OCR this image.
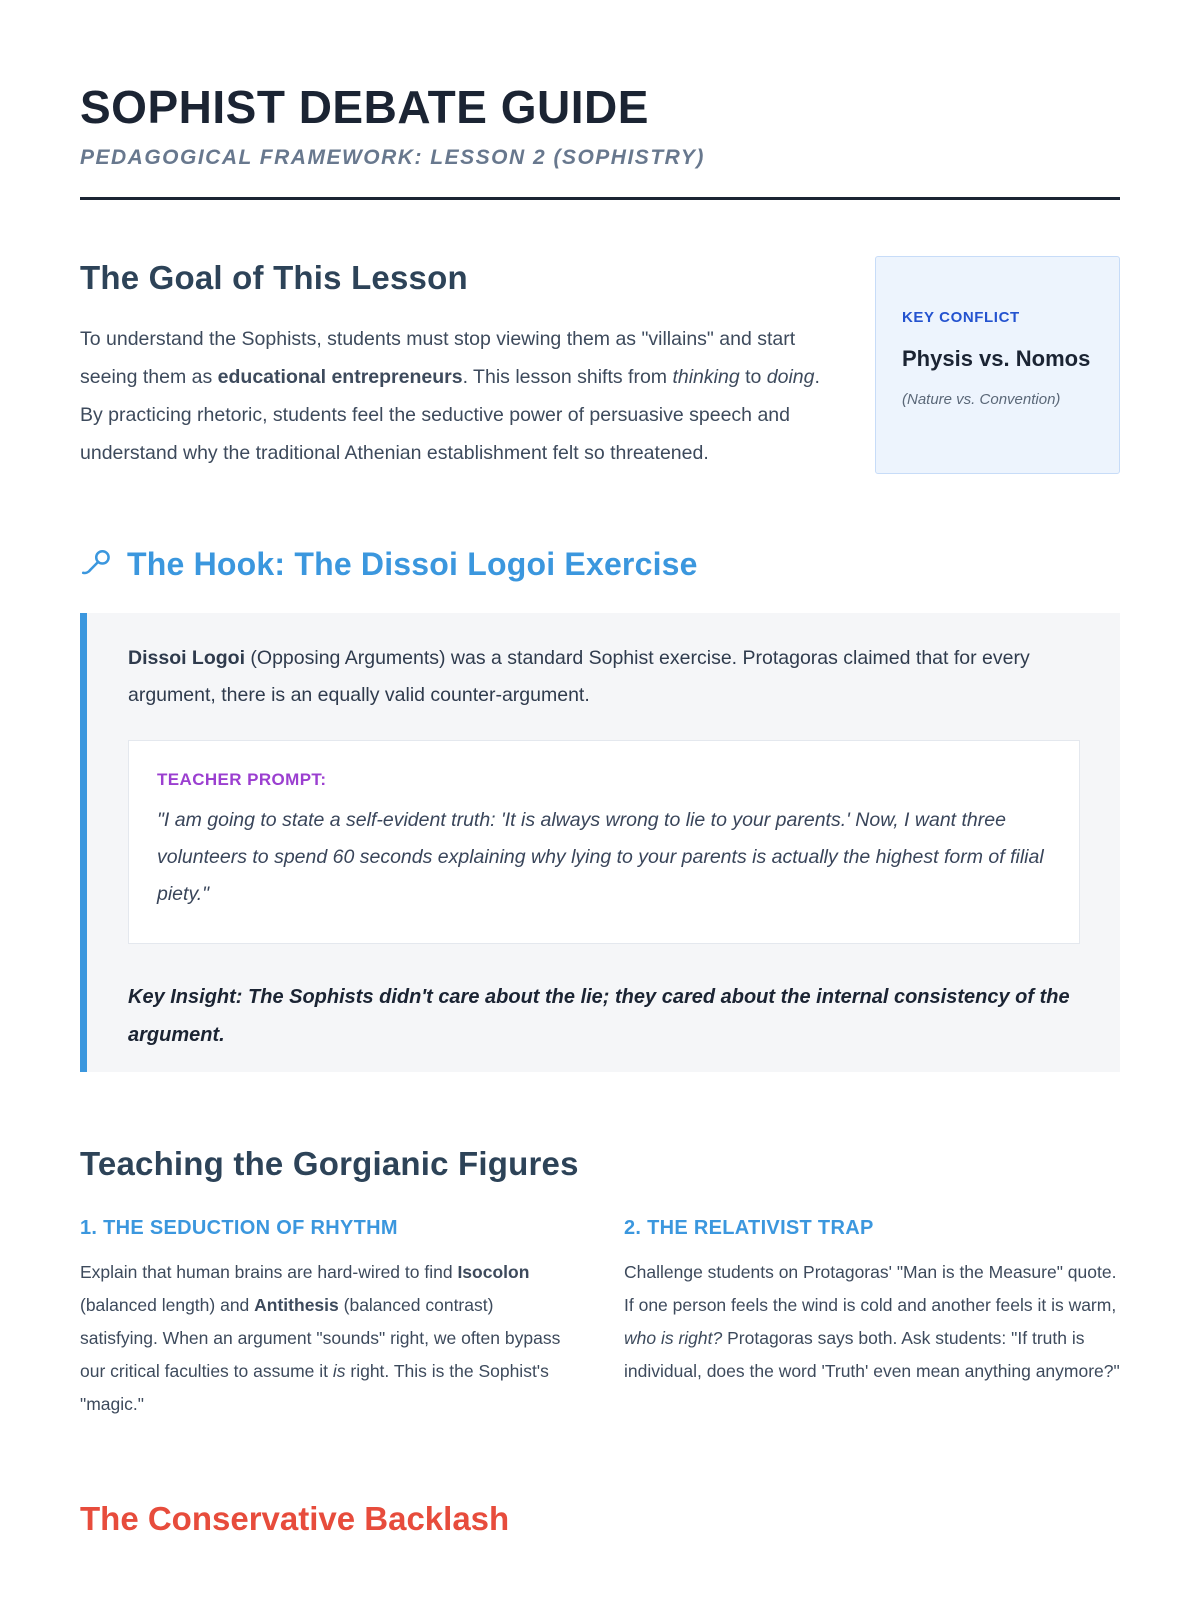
SOPHIST DEBATE GUIDE
PEDAGOGICAL FRAMEWORK: LESSON 2 (SOPHISTRY)
The Goal of This Lesson

To understand the Sophists, students must stop viewing them as "villains" and start seeing them as educational entrepreneurs. This lesson shifts from thinking to doing. By practicing rhetoric, students feel the seductive power of persuasive speech and understand why the traditional Athenian establishment felt so threatened.

KEY CONFLICT
Physis vs. Nomos
(Nature vs. Convention)
The Hook: The Dissoi Logoi Exercise

Dissoi Logoi (Opposing Arguments) was a standard Sophist exercise. Protagoras claimed that for every argument, there is an equally valid counter-argument.

TEACHER PROMPT:

"I am going to state a self-evident truth: 'It is always wrong to lie to your parents.' Now, I want three volunteers to spend 60 seconds explaining why lying to your parents is actually the highest form of filial piety."

Key Insight: The Sophists didn't care about the lie; they cared about the internal consistency of the argument.

Teaching the Gorgianic Figures
1. THE SEDUCTION OF RHYTHM

Explain that human brains are hard-wired to find Isocolon (balanced length) and Antithesis (balanced contrast) satisfying. When an argument "sounds" right, we often bypass our critical faculties to assume it is right. This is the Sophist's "magic."

2. THE RELATIVIST TRAP

Challenge students on Protagoras' "Man is the Measure" quote. If one person feels the wind is cold and another feels it is warm, who is right? Protagoras says both. Ask students: "If truth is individual, does the word 'Truth' even mean anything anymore?"

The Conservative Backlash
